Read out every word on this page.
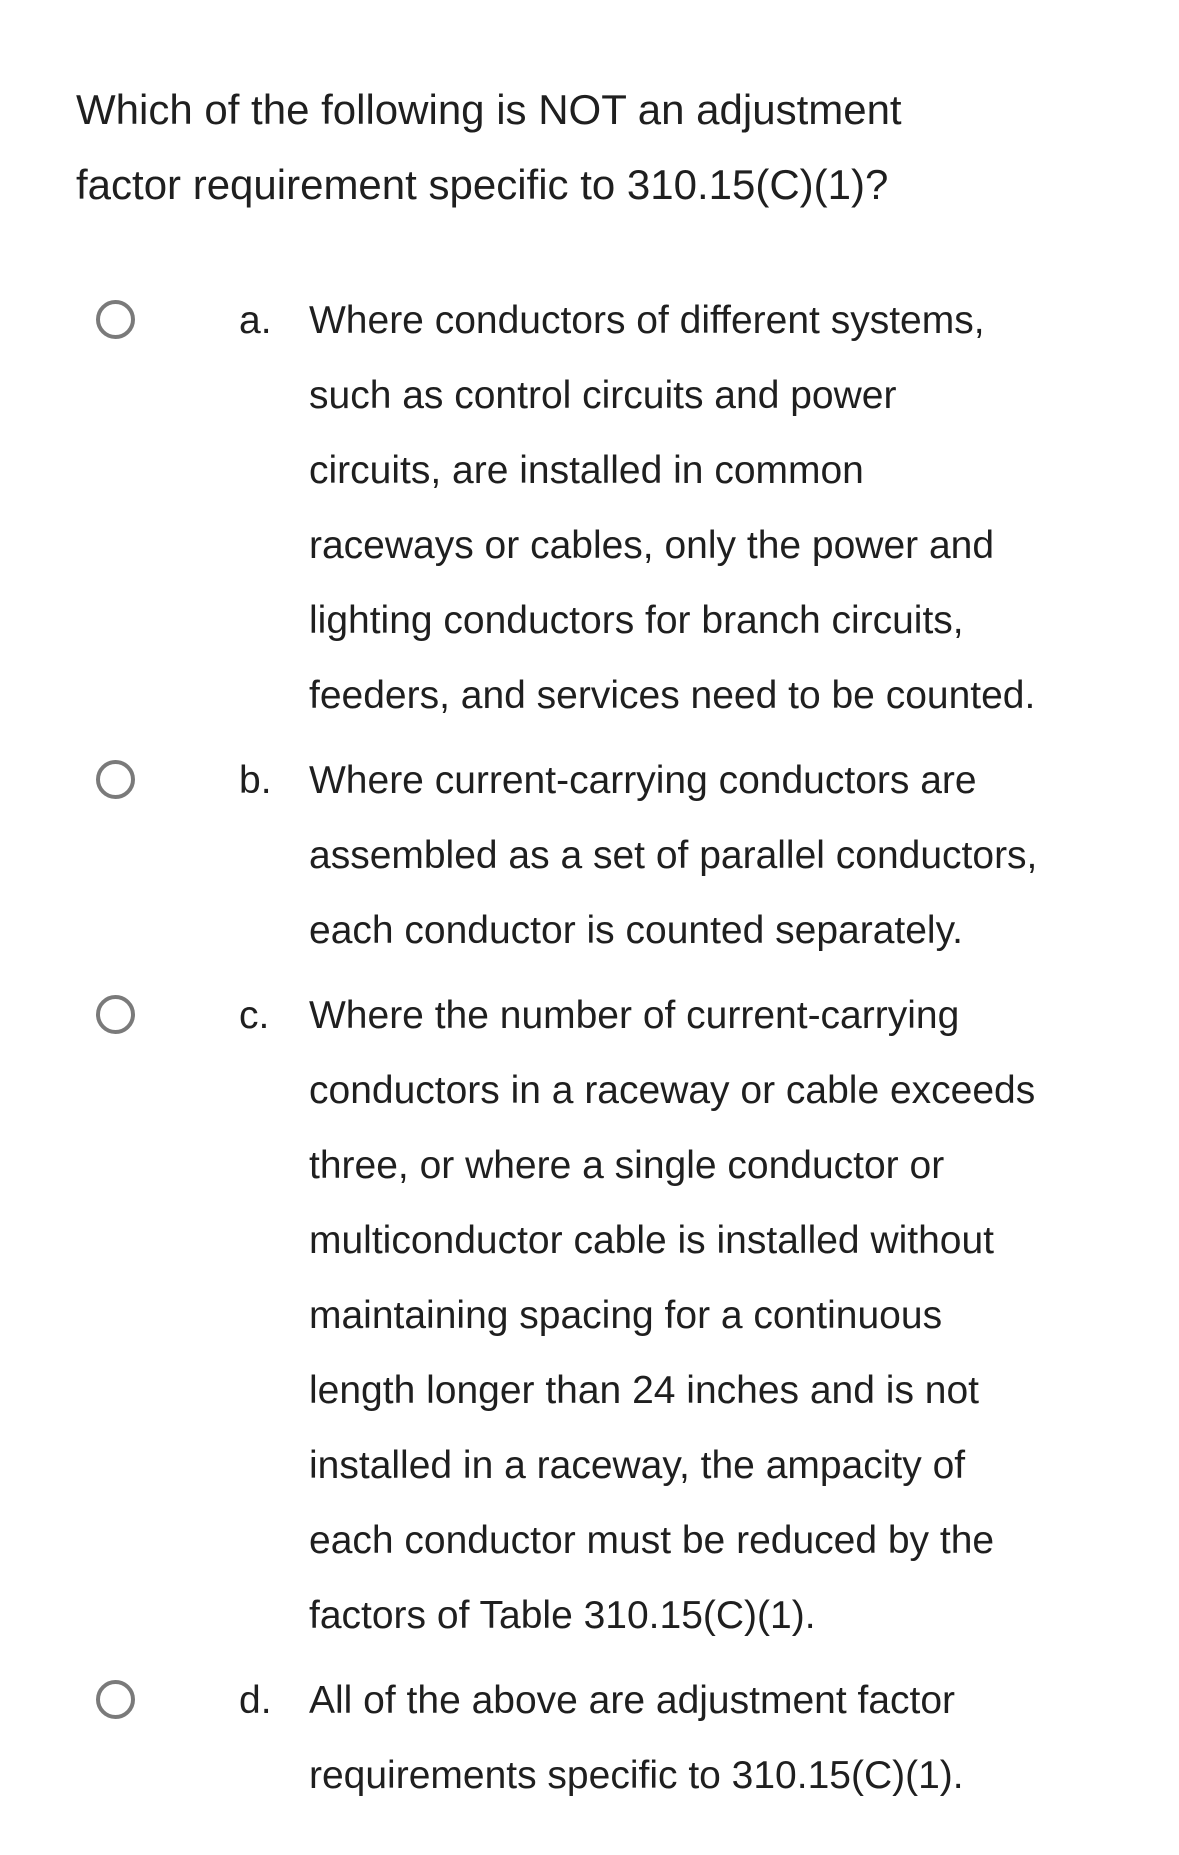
Which of the following is NOT an adjustment
factor requirement specific to 310.15(C)(1)?
a. Where conductors of different systems,
such as control circuits and power
circuits, are installed in common
raceways or cables, only the power and
lighting conductors for branch circuits,
feeders, and services need to be counted.
b. Where current-carrying conductors are
assembled as a set of parallel conductors,
each conductor is counted separately.
c. Where the number of current-carrying
conductors in a raceway or cable exceeds
three, or where a single conductor or
multiconductor cable is installed without
maintaining spacing for a continuous
length longer than 24 inches and is not
installed in a raceway, the ampacity of
each conductor must be reduced by the
factors of Table 310.15(C)(1).
d. All of the above are adjustment factor
requirements specific to 310.15(C)(1).
